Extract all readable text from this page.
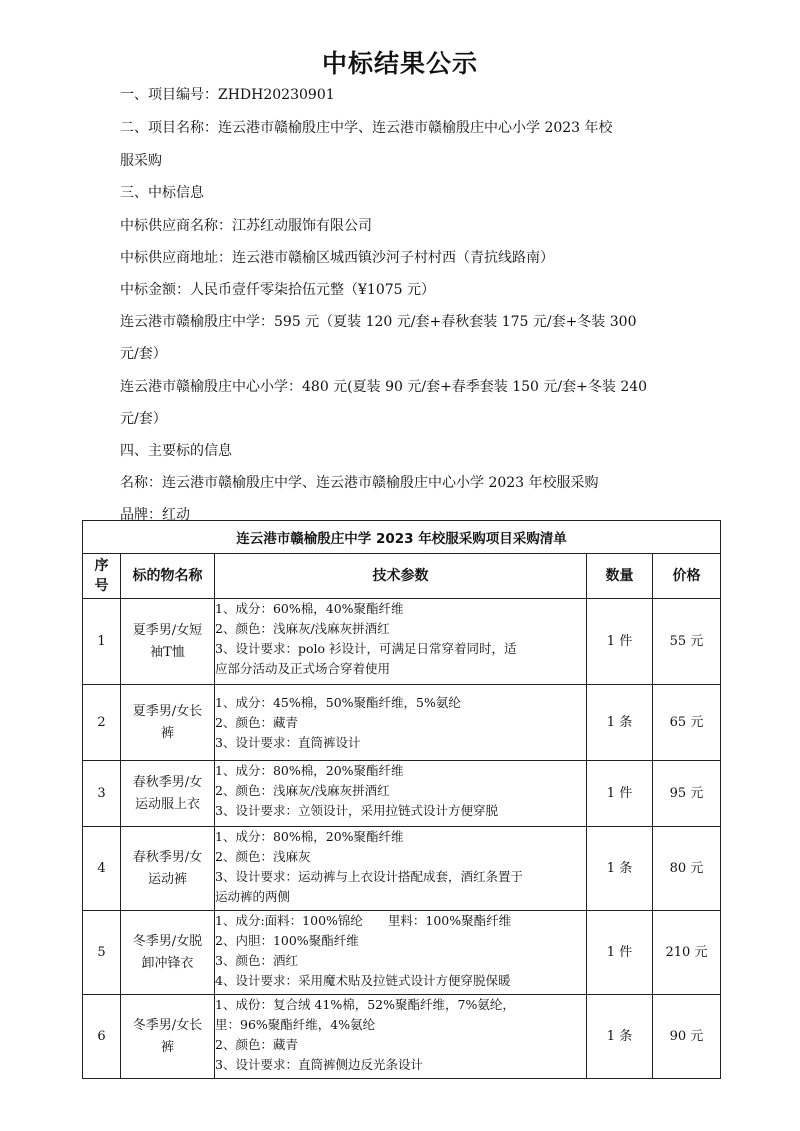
中标结果公示
一、项目编号：ZHDH20230901
二、项目名称：连云港市赣榆殷庄中学、连云港市赣榆殷庄中心小学 2023 年校
服采购
三、中标信息
中标供应商名称：江苏红动服饰有限公司
中标供应商地址：连云港市赣榆区城西镇沙河子村村西（青抗线路南）
中标金额：人民币壹仟零柒拾伍元整（¥1075 元）
连云港市赣榆殷庄中学：595 元（夏装 120 元/套+春秋套装 175 元/套+冬装 300
元/套）
连云港市赣榆殷庄中心小学：480 元(夏装 90 元/套+春季套装 150 元/套+冬装 240
元/套）
四、主要标的信息
名称：连云港市赣榆殷庄中学、连云港市赣榆殷庄中心小学 2023 年校服采购
品牌：红动
连云港市赣榆殷庄中学 2023 年校服采购项目采购清单				
序号	标的物名称	技术参数	数量	价格
1	夏季男/女短袖T恤	1、成分：60%棉，40%聚酯纤维
2、颜色：浅麻灰/浅麻灰拼酒红
3、设计要求：polo 衫设计，可满足日常穿着同时，适
应部分活动及正式场合穿着使用	1 件	55 元
2	夏季男/女长裤	1、成分：45%棉，50%聚酯纤维，5%氨纶
2、颜色：藏青
3、设计要求：直筒裤设计	1 条	65 元
3	春秋季男/女运动服上衣	1、成分：80%棉，20%聚酯纤维
2、颜色：浅麻灰/浅麻灰拼酒红
3、设计要求：立领设计，采用拉链式设计方便穿脱	1 件	95 元
4	春秋季男/女运动裤	1、成分：80%棉，20%聚酯纤维
2、颜色：浅麻灰
3、设计要求：运动裤与上衣设计搭配成套，酒红条置于
运动裤的两侧	1 条	80 元
5	冬季男/女脱卸冲锋衣	1、成分:面料：100%锦纶　　里料：100%聚酯纤维
2、内胆：100%聚酯纤维
3、颜色：酒红
4、设计要求：采用魔术贴及拉链式设计方便穿脱保暖	1 件	210 元
6	冬季男/女长裤	1、成份：复合绒 41%棉，52%聚酯纤维，7%氨纶，
里：96%聚酯纤维，4%氨纶
2、颜色：藏青
3、设计要求：直筒裤侧边反光条设计	1 条	90 元
